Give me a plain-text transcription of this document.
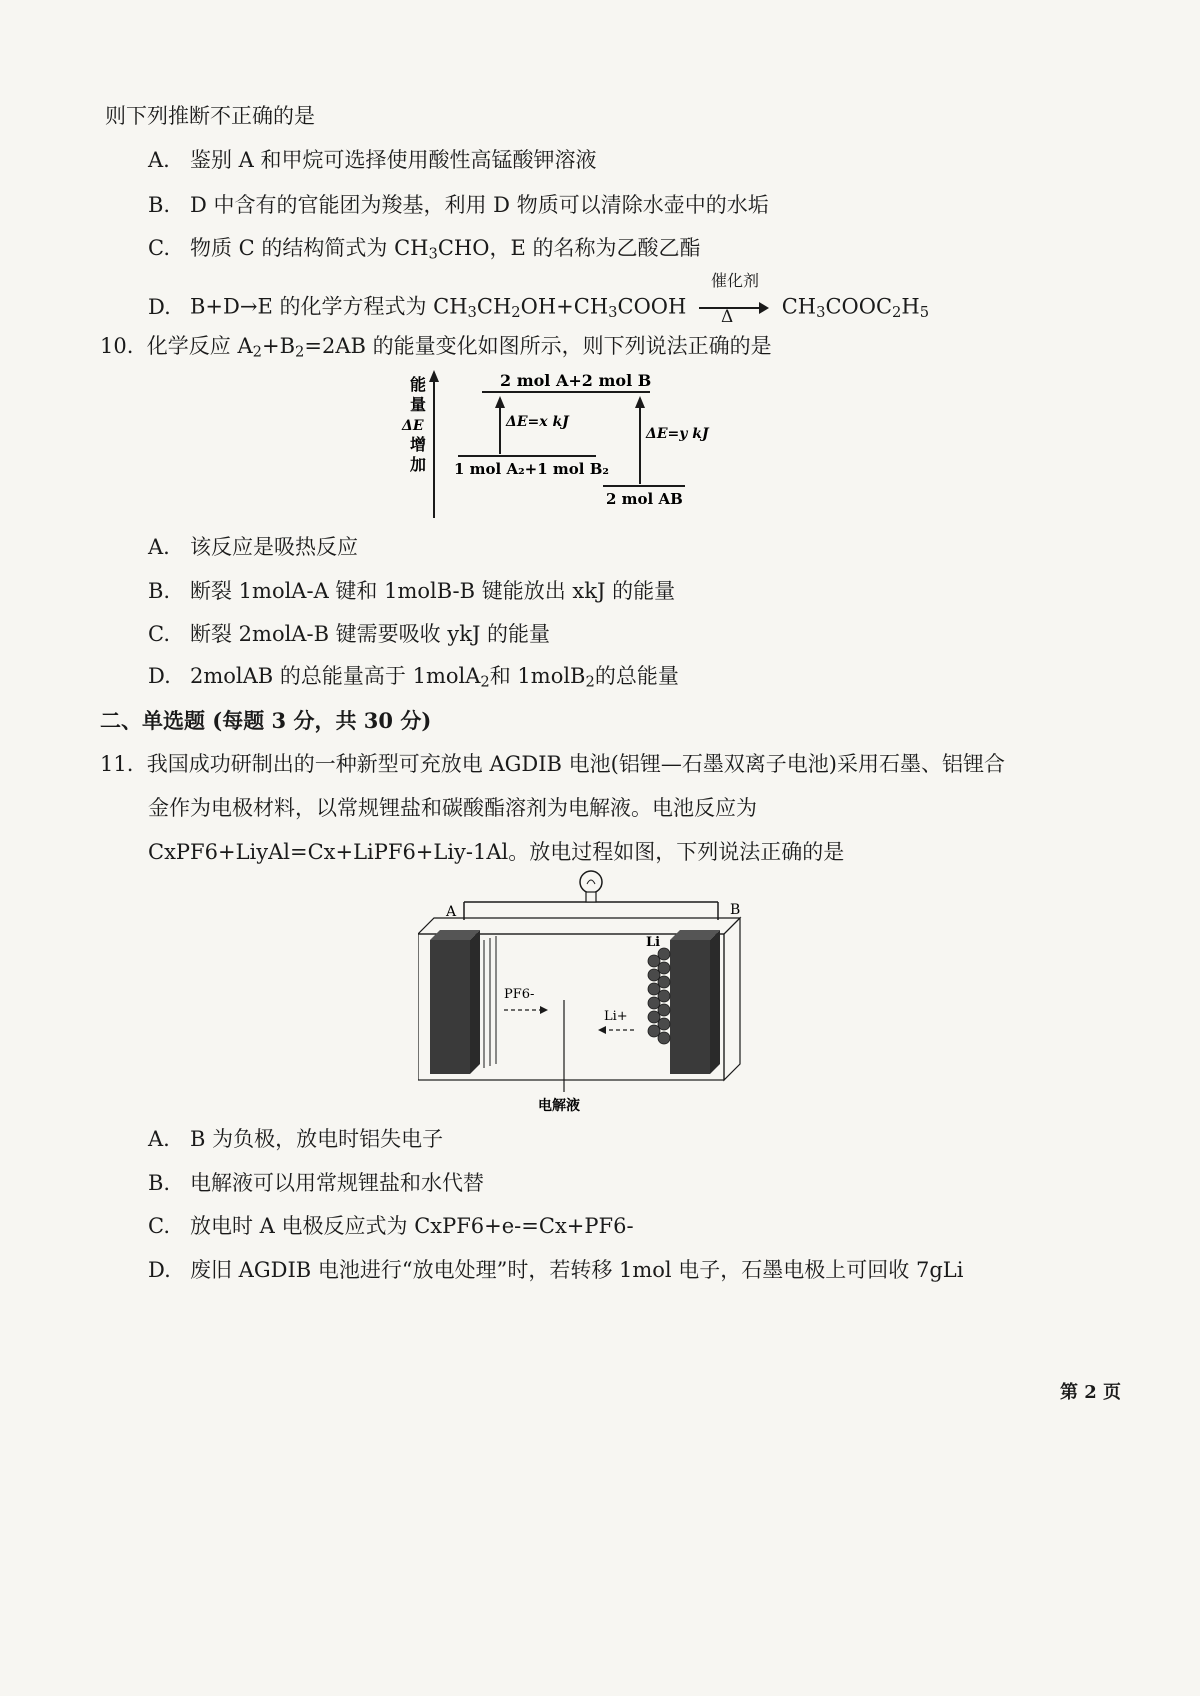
则下列推断不正确的是
A. 鉴别 A 和甲烷可选择使用酸性高锰酸钾溶液
B. D 中含有的官能团为羧基，利用 D 物质可以清除水壶中的水垢
C. 物质 C 的结构简式为 $CH_3CHO$，E 的名称为乙酸乙酯
D. B+D→E 的化学方程式为 $CH_3CH_2OH+CH_3COOH$
催化剂
Δ $CH_3COOC_2H_5$
10. 化学反应 $A_2+B_2=2AB$ 的能量变化如图所示，则下列说法正确的是
能
量
ΔE
增
加
2 mol A+2 mol B
1 mol A₂+1 mol B₂
2 mol AB
ΔE=x kJ
ΔE=y kJ
A. 该反应是吸热反应
B. 断裂 1molA-A 键和 1molB-B 键能放出 xkJ 的能量
C. 断裂 2molA-B 键需要吸收 ykJ 的能量
D. 2molAB 的总能量高于 1molA$_2$和 1molB$_2$的总能量
二、单选题 (每题 3 分，共 30 分)
11. 我国成功研制出的一种新型可充放电 AGDIB 电池(铝锂—石墨双离子电池)采用石墨、铝锂合
金作为电极材料，以常规锂盐和碳酸酯溶剂为电解液。电池反应为
CxPF6+LiyAl=Cx+LiPF6+Liy-1Al。放电过程如图，下列说法正确的是
A	B
Li
PF6-
Li+
电解液
A. B 为负极，放电时铝失电子
B. 电解液可以用常规锂盐和水代替
C. 放电时 A 电极反应式为 CxPF6+e-=Cx+PF6-
D. 废旧 AGDIB 电池进行“放电处理”时，若转移 1mol 电子，石墨电极上可回收 7gLi
第 2 页
